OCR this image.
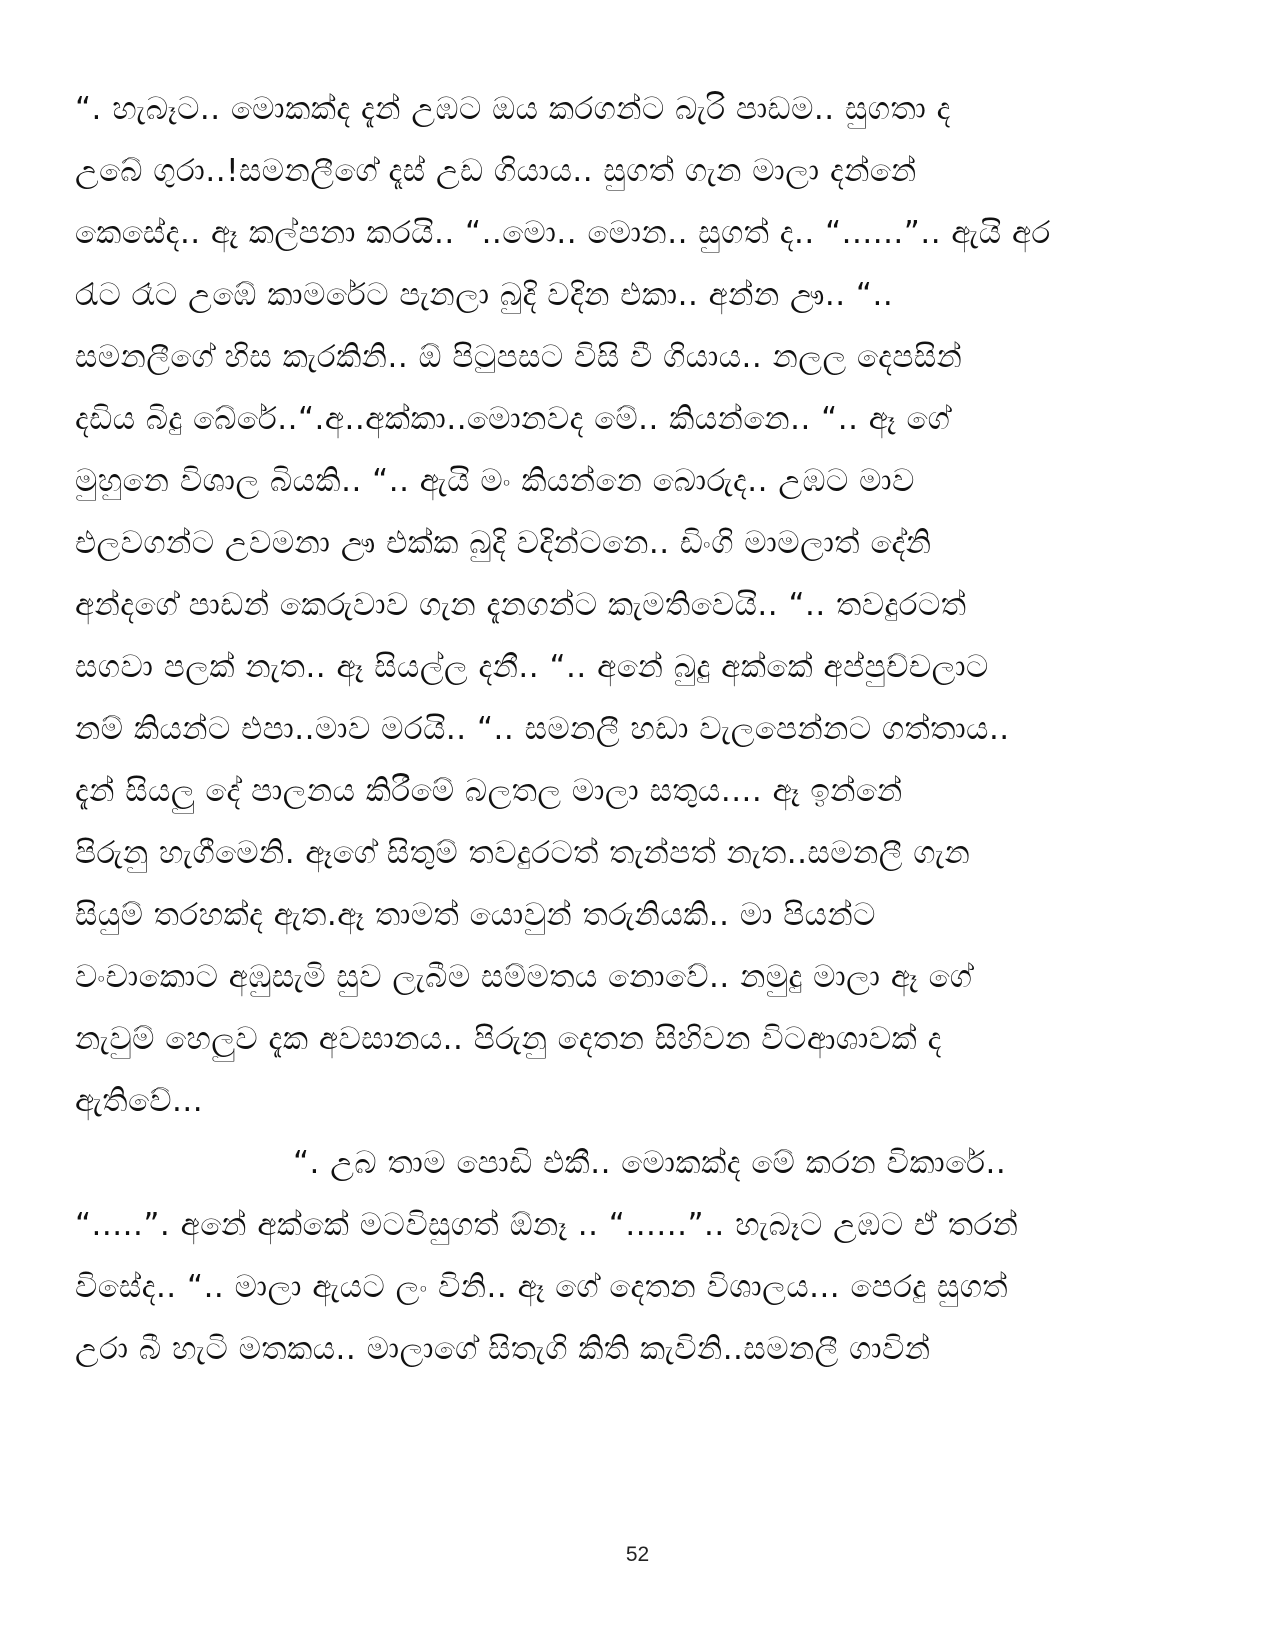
“. හැබෑට.. මොකක්ද දැන් උඹට ඔය කරගන්ට බැරි පාඩම.. සුගතා ද
උබේ ගුරා..!සමනලීගේ දෑස් උඩ ගියාය.. සුගත් ගැන මාලා දන්නේ
කෙසේද.. ඈ කල්පනා කරයි.. “..මො.. මොන.. සුගත් ද.. “......”.. ඇයි අර
රැට රෑට උඹේ කාමරේට පැනලා බුදි වදින එකා.. අන්න ඌ.. “..
සමනලීගේ හිස කැරකිනි.. ඕ පිටුපසට විසි වී ගියාය.. නලල දෙපසින්
දඩිය බිදු බේරේ..“.අ..අක්කා..මොනවද මේ.. කියන්නෙ.. “.. ඈ ගේ
මුහුනෙ විශාල බියකි.. “.. ඇයි මං කියන්නෙ බොරුද.. උඹට මාව
එලවගන්ට උවමනා ඌ එක්ක බුදි වදින්ටනෙ.. ඩිංගි මාමලාත් දේනි
අන්දගේ පාඩන් කෙරුවාව ගැන දැනගන්ට කැමතිවෙයි.. “.. තවදුරටත්
සගවා පලක් නැත.. ඈ සියල්ල දනී.. “.. අනේ බුදු අක්කේ අප්පුච්චලාට
නම් කියන්ට එපා..මාව මරයි.. “.. සමනලී හඩා වැලපෙන්නට ගත්තාය..
දැන් සියලු දේ පාලනය කිරීමේ බලතල මාලා සතුය.... ඈ ඉන්නේ
පිරුනු හැගීමෙනි. ඈගේ සිතුම් තවදුරටත් තැන්පත් නැත..සමනලී ගැන
සියුම් තරහක්ද ඇත.ඈ තාමත් යොවුන් තරුනියකි.. මා පියන්ට
වංචාකොට අඹුසැමි සුව ලැබීම සම්මතය නොවේ.. නමුදු මාලා ඈ ගේ
නැවුම් හෙලුව දැක අවසානය.. පිරුනු දෙතන සිහිවන විටආශාවක් ද
ඇතිවේ...
“. උබ තාම පොඩි එකී.. මොකක්ද මේ කරන විකාරේ..
“.....”. අනේ අක්කේ මටවිසුගත් ඕනෑ .. “......”.. හැබෑට උඹට ඒ තරන්
විසේද.. “.. මාලා ඇයට ලං විනි.. ඈ ගේ දෙතන විශාලය... පෙරදු සුගත්
උරා බී හැටි මතකය.. මාලාගේ සිතැගි කිති කැවිනි..සමනලී ගාවින්
52
